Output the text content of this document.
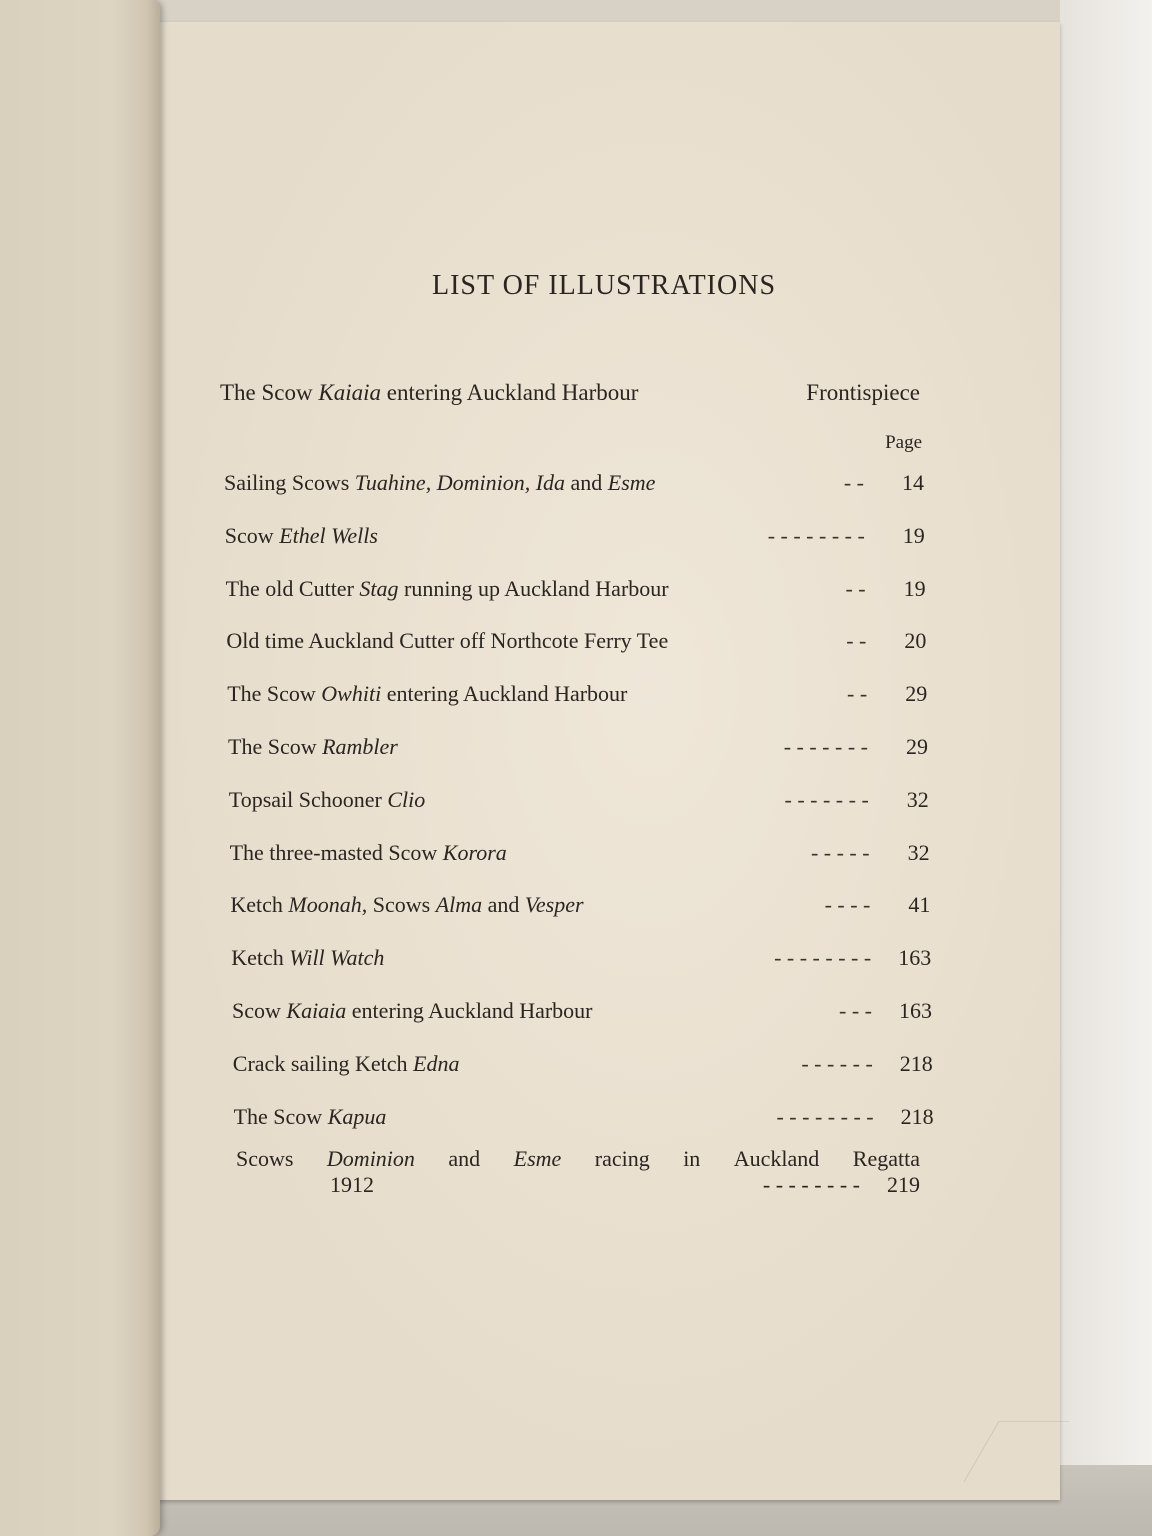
LIST OF ILLUSTRATIONS
The Scow Kaiaia entering Auckland Harbour	Frontispiece
Page
Sailing Scows Tuahine, Dominion, Ida and Esme	- -	14
Scow Ethel Wells	- - - - - - - -	19
The old Cutter Stag running up Auckland Harbour	- -	19
Old time Auckland Cutter off Northcote Ferry Tee	- -	20
The Scow Owhiti entering Auckland Harbour	- -	29
The Scow Rambler	- - - - - - -	29
Topsail Schooner Clio	- - - - - - -	32
The three-masted Scow Korora	- - - - -	32
Ketch Moonah, Scows Alma and Vesper	- - - -	41
Ketch Will Watch	- - - - - - - -	163
Scow Kaiaia entering Auckland Harbour	- - -	163
Crack sailing Ketch Edna	- - - - - -	218
The Scow Kapua	- - - - - - - -	218
Scows Dominion and Esme racing in Auckland Regatta
1912	- - - - - - - -	219
